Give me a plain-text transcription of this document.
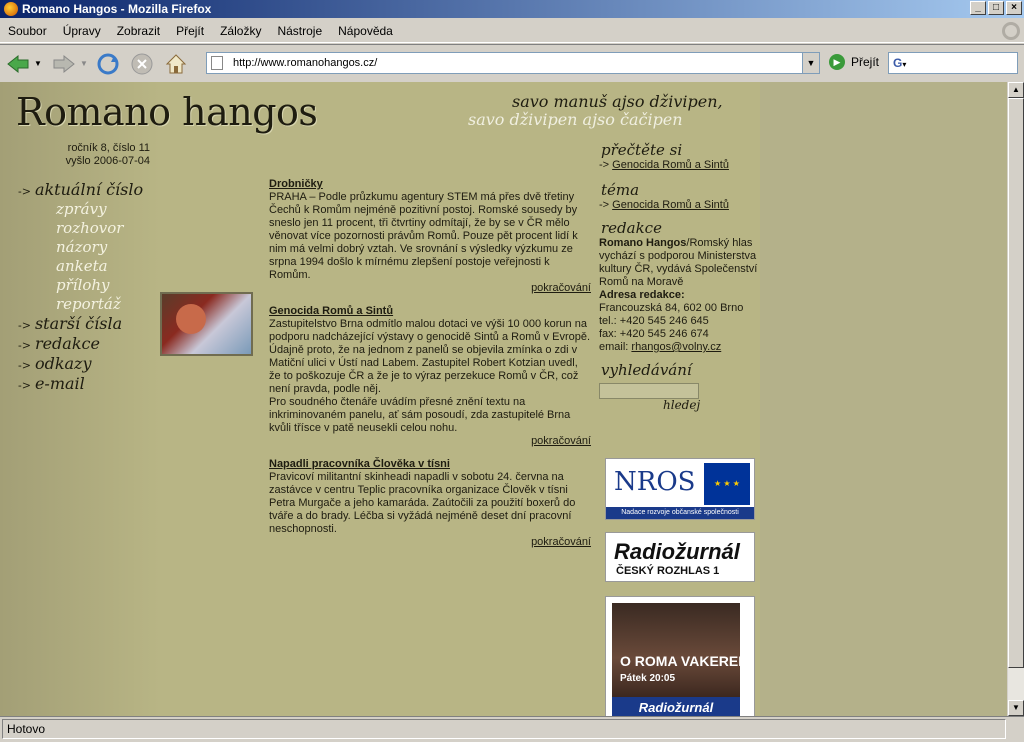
Romano Hangos - Mozilla Firefox	_	□	×
Soubor	Úpravy	Zobrazit	Přejít	Záložky	Nástroje	Nápověda
▼	▼	http://www.romanohangos.cz/	▼	▶ Přejít	G▾
Romano hangos	savo manuš ajso dživipen,
savo dživipen ajso čačipen
ročník 8, číslo 11
vyšlo 2006-07-04
-> aktuální číslo
zprávy
rozhovor
názory
anketa
přílohy
reportáž
-> starší čísla
-> redakce
-> odkazy
-> e-mail
Drobničky
PRAHA – Podle průzkumu agentury STEM má přes dvě třetiny Čechů k Romům nejméně pozitivní postoj. Romské sousedy by sneslo jen 11 procent, tři čtvrtiny odmítají, že by se v ČR mělo věnovat více pozornosti právům Romů. Pouze pět procent lidí k nim má velmi dobrý vztah. Ve srovnání s výsledky výzkumu ze srpna 1994 došlo k mírnému zlepšení postoje veřejnosti k Romům.
pokračování
Genocida Romů a Sintů
Zastupitelstvo Brna odmítlo malou dotaci ve výši 10 000 korun na podporu nadcházející výstavy o genocidě Sintů a Romů v Evropě. Údajně proto, že na jednom z panelů se objevila zmínka o zdi v Matiční ulici v Ústí nad Labem. Zastupitel Robert Kotzian uvedl, že to poškozuje ČR a že je to výraz perzekuce Romů v ČR, což není pravda, podle něj.
Pro soudného čtenáře uvádím přesné znění textu na inkriminovaném panelu, ať sám posoudí, zda zastupitelé Brna kvůli třísce v patě neusekli celou nohu.
pokračování
Napadli pracovníka Člověka v tísni
Pravicoví militantní skinheadi napadli v sobotu 24. června na zastávce v centru Teplic pracovníka organizace Člověk v tísni Petra Murgače a jeho kamaráda. Zaútočili za použití boxerů do tváře a do brady. Léčba si vyžádá nejméně deset dní pracovní neschopnosti.
pokračování
přečtěte si
-> Genocida Romů a Sintů
téma
-> Genocida Romů a Sintů
redakce
Romano Hangos/Romský hlas vychází s podporou Ministerstva kultury ČR, vydává Společenství Romů na Moravě
Adresa redakce:
Francouzská 84, 602 00 Brno
tel.: +420 545 246 645
fax: +420 545 246 674
email: rhangos@volny.cz
vyhledávání
hledej
NROS	★ ★ ★
Nadace rozvoje občanské společnosti
Radiožurnál
ČESKÝ ROZHLAS 1
O ROMA VAKEREN
Pátek 20:05
Radiožurnál
▲
▼
Hotovo
